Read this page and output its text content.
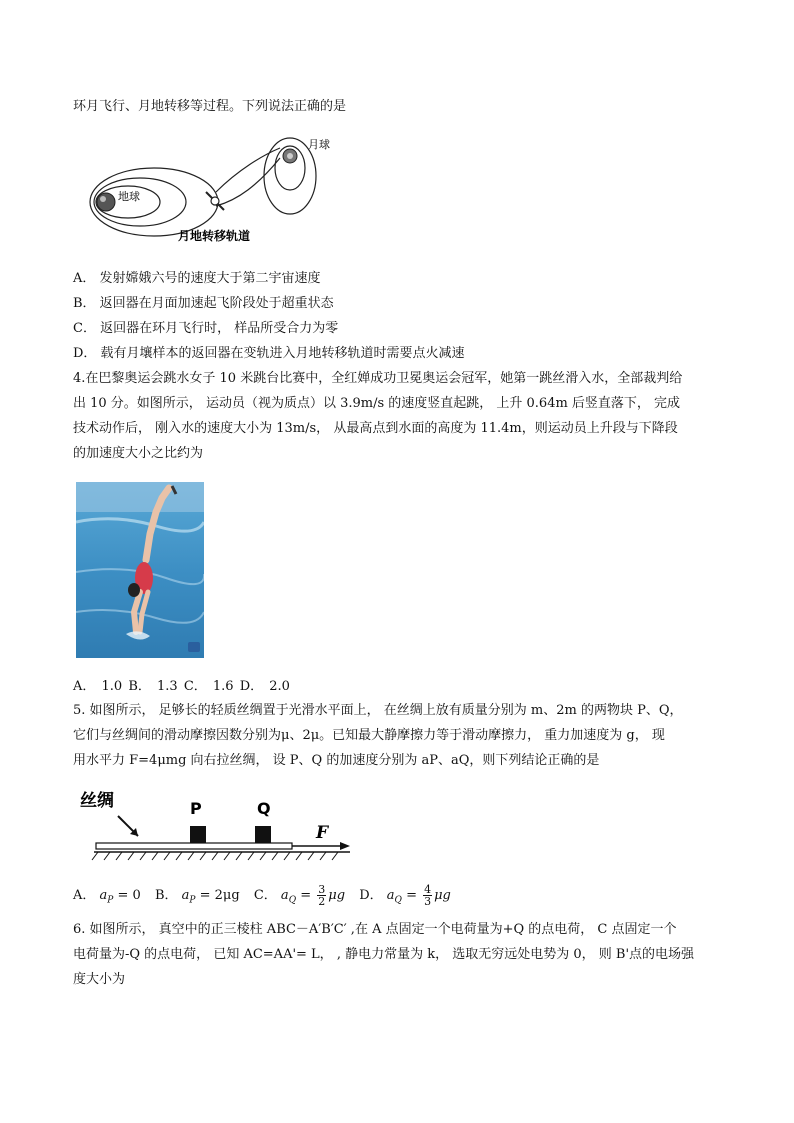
环月飞行、月地转移等过程。下列说法正确的是
地球
月球
月地转移轨道
A． 发射嫦娥六号的速度大于第二宇宙速度
B． 返回器在月面加速起飞阶段处于超重状态
C． 返回器在环月飞行时， 样品所受合力为零
D． 载有月壤样本的返回器在变轨进入月地转移轨道时需要点火减速
4.在巴黎奥运会跳水女子 10 米跳台比赛中，全红婵成功卫冕奥运会冠军，她第一跳丝滑入水，全部裁判给
出 10 分。如图所示， 运动员（视为质点）以 3.9m/s 的速度竖直起跳， 上升 0.64m 后竖直落下， 完成
技术动作后， 刚入水的速度大小为 13m/s， 从最高点到水面的高度为 11.4m，则运动员上升段与下降段
的加速度大小之比约为
A． 1.0 B． 1.3 C． 1.6 D． 2.0
5. 如图所示， 足够长的轻质丝绸置于光滑水平面上， 在丝绸上放有质量分别为 m、2m 的两物块 P、Q，
它们与丝绸间的滑动摩擦因数分别为μ、2μ。已知最大静摩擦力等于滑动摩擦力， 重力加速度为 g， 现
用水平力 F=4μmg 向右拉丝绸， 设 P、Q 的加速度分别为 aP、aQ，则下列结论正确的是
丝绸	P	Q
F
A． $a_P = 0$ B． $a_P = 2\mu g$ C． $a_Q = \frac{3}{2}$ μg D． $a_Q = \frac{4}{3}$ μg
6. 如图所示， 真空中的正三棱柱 ABC－A′B′C′ ,在 A 点固定一个电荷量为+Q 的点电荷， C 点固定一个
电荷量为-Q 的点电荷， 已知 AC=AA'= L， , 静电力常量为 k， 选取无穷远处电势为 0， 则 B'点的电场强
度大小为
